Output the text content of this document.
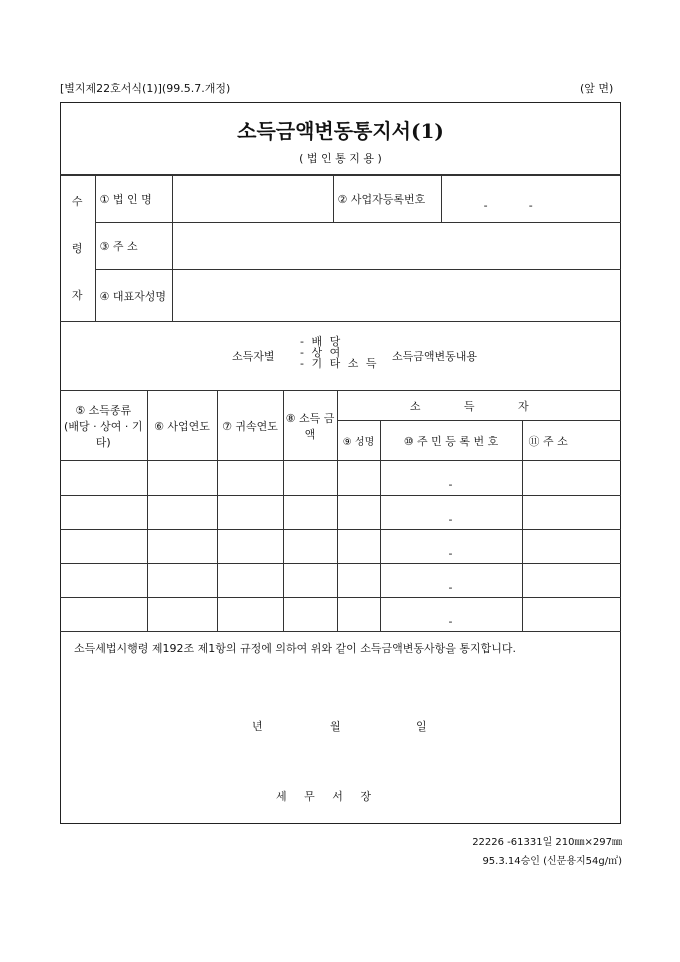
[별지제22호서식(1)](99.5.7.개정)	(앞 면)
소득금액변동통지서(1)
( 법 인 통 지 용 )
수
령
자	① 법 인 명		② 사업자등록번호	

	③ 주 소			
	④ 대표자성명			
소득자별
- 배 당
- 상 여
- 기 타 소 득
소득금액변동내용
⑤ 소득종류
(배당 · 상여 · 기타)	⑥ 사업연도	⑦ 귀속연도	⑧ 소득 금액	소 득 자		
				⑨ 성명	⑩ 주 민 등 록 번 호	⑪ 주 소

소득세법시행령 제192조 제1항의 규정에 의하여 위와 같이 소득금액변동사항을 통지합니다.
년	월	일
세 무 서 장
22226 -61331일 210㎜×297㎜
95.3.14승인 (신문용지54g/㎡)
